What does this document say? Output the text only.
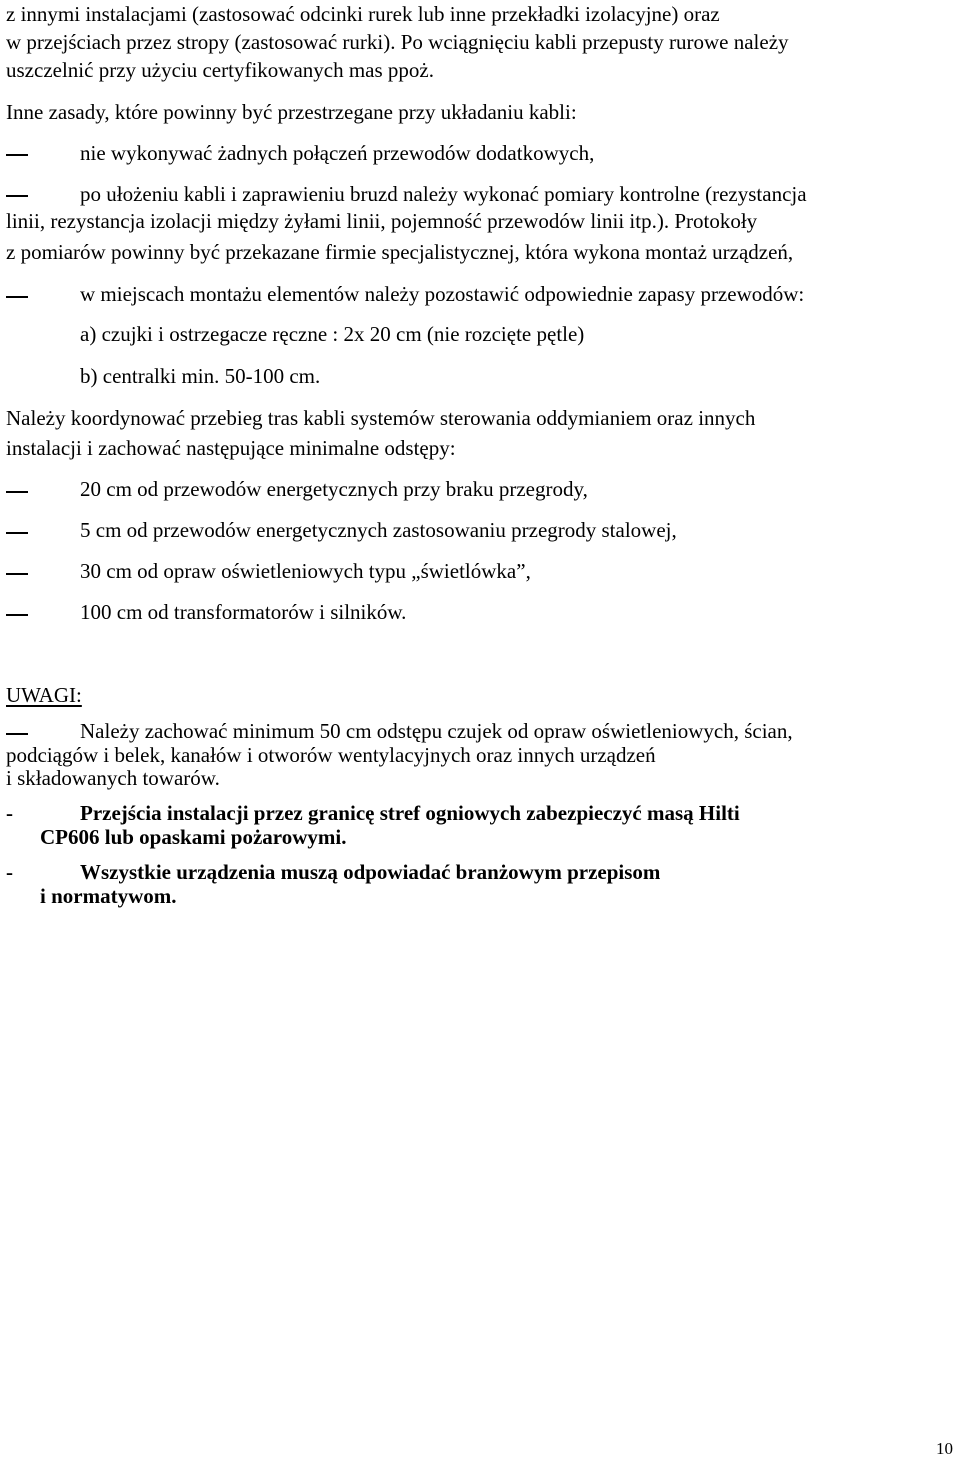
z innymi instalacjami (zastosować odcinki rurek lub inne przekładki izolacyjne) oraz

w przejściach przez stropy (zastosować rurki). Po wciągnięciu kabli przepusty rurowe należy

uszczelnić przy użyciu certyfikowanych mas ppoż.

Inne zasady, które powinny być przestrzegane przy układaniu kabli:

nie wykonywać żadnych połączeń przewodów dodatkowych,

po ułożeniu kabli i zaprawieniu bruzd należy wykonać pomiary kontrolne (rezystancja

linii, rezystancja izolacji między żyłami linii, pojemność przewodów linii itp.). Protokoły

z pomiarów powinny być przekazane firmie specjalistycznej, która wykona montaż urządzeń,

w miejscach montażu elementów należy pozostawić odpowiednie zapasy przewodów:

a) czujki i ostrzegacze ręczne : 2x 20 cm (nie rozcięte pętle)

b) centralki min. 50-100 cm.

Należy koordynować przebieg tras kabli systemów sterowania oddymianiem oraz innych

instalacji i zachować następujące minimalne odstępy:

20 cm od przewodów energetycznych przy braku przegrody,

5 cm od przewodów energetycznych zastosowaniu przegrody stalowej,

30 cm od opraw oświetleniowych typu „świetlówka”,

100 cm od transformatorów i silników.

UWAGI:

Należy zachować minimum 50 cm odstępu czujek od opraw oświetleniowych, ścian,

podciągów i belek, kanałów i otworów wentylacyjnych oraz innych urządzeń

i składowanych towarów.

-	Przejścia instalacji przez granicę stref ogniowych zabezpieczyć masą Hilti

CP606 lub opaskami pożarowymi.

-	Wszystkie urządzenia muszą odpowiadać branżowym przepisom

i normatywom.

10
